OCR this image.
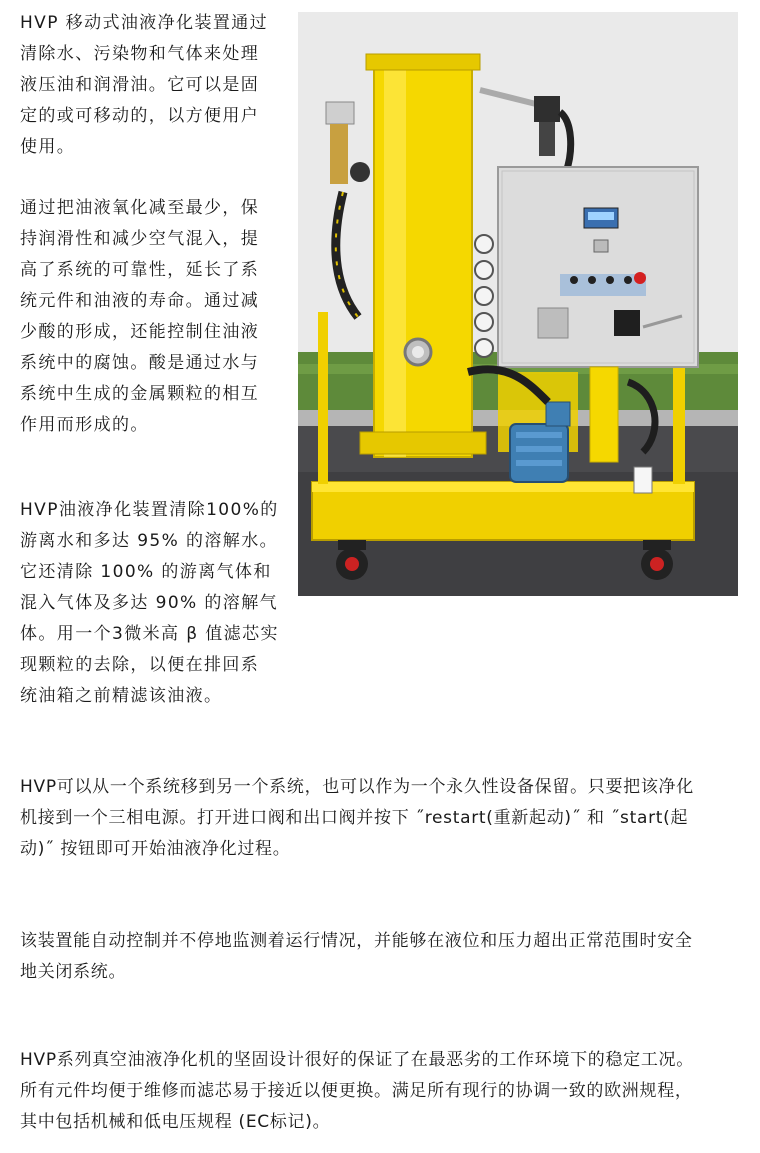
HVP 移动式油液净化装置通过
清除水、污染物和气体来处理
液压油和润滑油。它可以是固
定的或可移动的，以方便用户
使用。
通过把油液氧化减至最少，保
持润滑性和减少空气混入，提
高了系统的可靠性，延长了系
统元件和油液的寿命。通过减
少酸的形成，还能控制住油液
系统中的腐蚀。酸是通过水与
系统中生成的金属颗粒的相互
作用而形成的。
HVP油液净化装置清除100%的
游离水和多达 95% 的溶解水。
它还清除 100% 的游离气体和
混入气体及多达 90% 的溶解气
体。用一个3微米高 β 值滤芯实
现颗粒的去除，以便在排回系
统油箱之前精滤该油液。
HVP可以从一个系统移到另一个系统，也可以作为一个永久性设备保留。只要把该净化
机接到一个三相电源。打开进口阀和出口阀并按下 ˝restart(重新起动)˝ 和 ˝start(起
动)˝ 按钮即可开始油液净化过程。
该装置能自动控制并不停地监测着运行情况，并能够在液位和压力超出正常范围时安全
地关闭系统。
HVP系列真空油液净化机的坚固设计很好的保证了在最恶劣的工作环境下的稳定工况。
所有元件均便于维修而滤芯易于接近以便更换。满足所有现行的协调一致的欧洲规程，
其中包括机械和低电压规程 (EC标记)。
